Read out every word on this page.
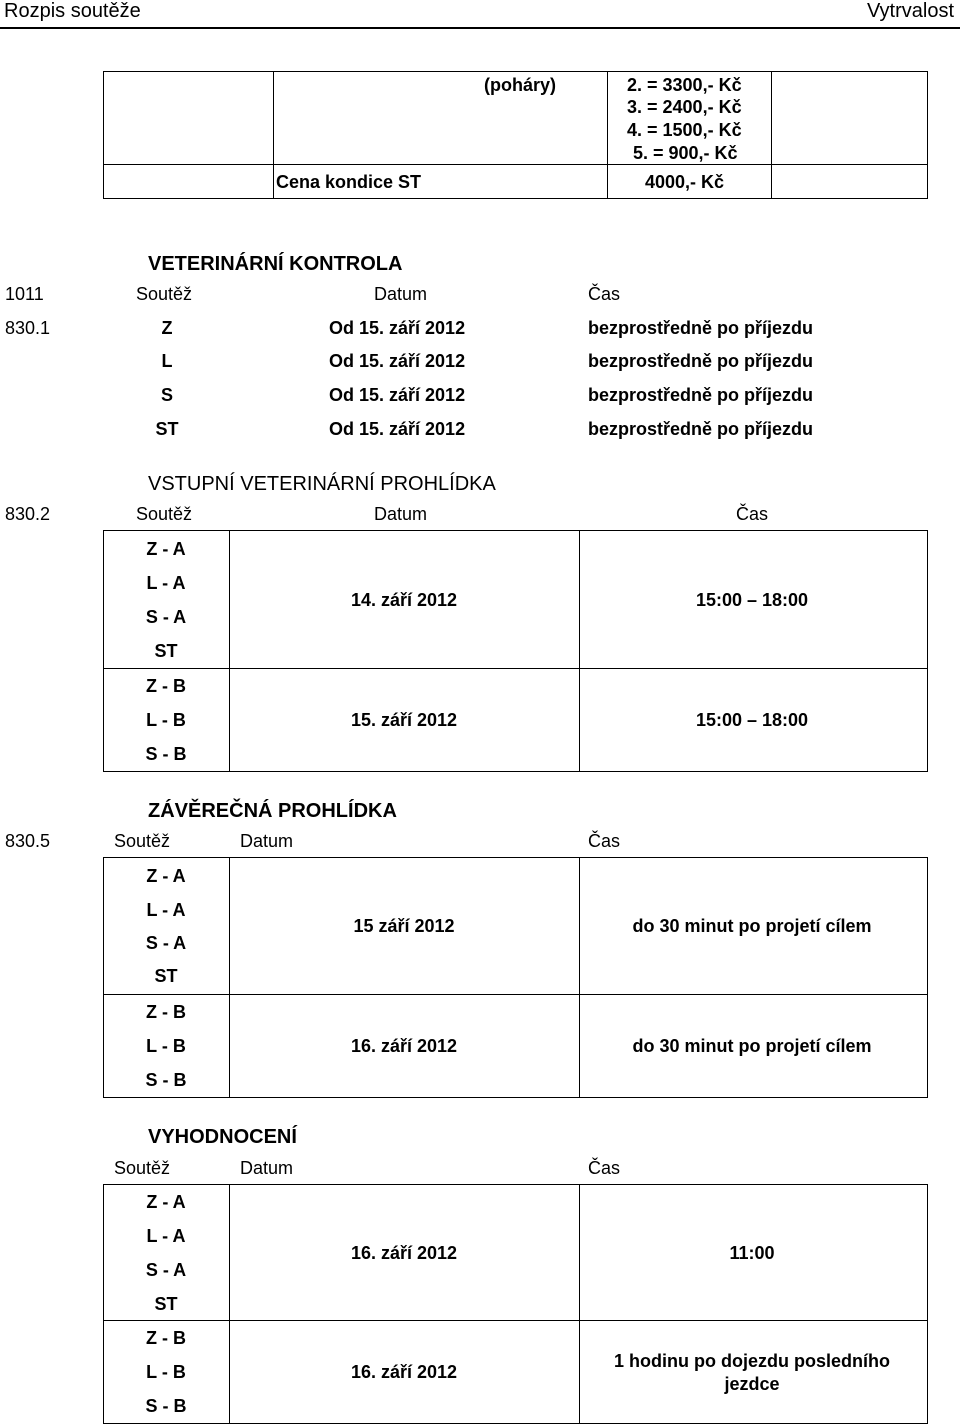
Rozpis soutěže	Vytrvalost
(poháry)	2. = 3300,- Kč
3. = 2400,- Kč
4. = 1500,- Kč
5. = 900,- Kč
Cena kondice ST	4000,- Kč
VETERINÁRNÍ KONTROLA
1011	Soutěž	Datum	Čas
830.1	Z	Od 15. září 2012	bezprostředně po příjezdu
L	Od 15. září 2012	bezprostředně po příjezdu
S	Od 15. září 2012	bezprostředně po příjezdu
ST	Od 15. září 2012	bezprostředně po příjezdu
VSTUPNÍ VETERINÁRNÍ PROHLÍDKA
830.2	Soutěž	Datum	Čas
Z - A
L - A
S - A
ST
14. září 2012	15:00 – 18:00
Z - B
L - B
S - B
15. září 2012	15:00 – 18:00
ZÁVĚREČNÁ PROHLÍDKA
830.5	Soutěž	Datum	Čas
Z - A
L - A
S - A
ST
15 září 2012	do 30 minut po projetí cílem
Z - B
L - B
S - B
16. září 2012	do 30 minut po projetí cílem
VYHODNOCENÍ
Soutěž	Datum	Čas
Z - A
L - A
S - A
ST
16. září 2012	11:00
Z - B
L - B
S - B
16. září 2012
1 hodinu po dojezdu posledního
jezdce
